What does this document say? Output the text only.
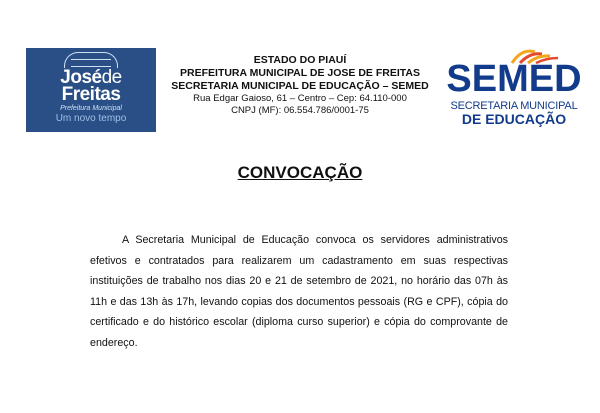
Joséde
Freitas
Prefeitura Municipal
Um novo tempo
ESTADO DO PIAUÍ
PREFEITURA MUNICIPAL DE JOSE DE FREITAS
SECRETARIA MUNICIPAL DE EDUCAÇÃO – SEMED
Rua Edgar Gaioso, 61 – Centro – Cep: 64.110-000
CNPJ (MF): 06.554.786/0001-75
SEMED
SECRETARIA MUNICIPAL
DE EDUCAÇÃO
CONVOCAÇÃO
A Secretaria Municipal de Educação convoca os servidores administrativos efetivos e contratados para realizarem um cadastramento em suas respectivas instituições de trabalho nos dias 20 e 21 de setembro de 2021, no horário das 07h às 11h e das 13h às 17h, levando copias dos documentos pessoais (RG e CPF), cópia do certificado e do histórico escolar (diploma curso superior) e cópia do comprovante de endereço.
